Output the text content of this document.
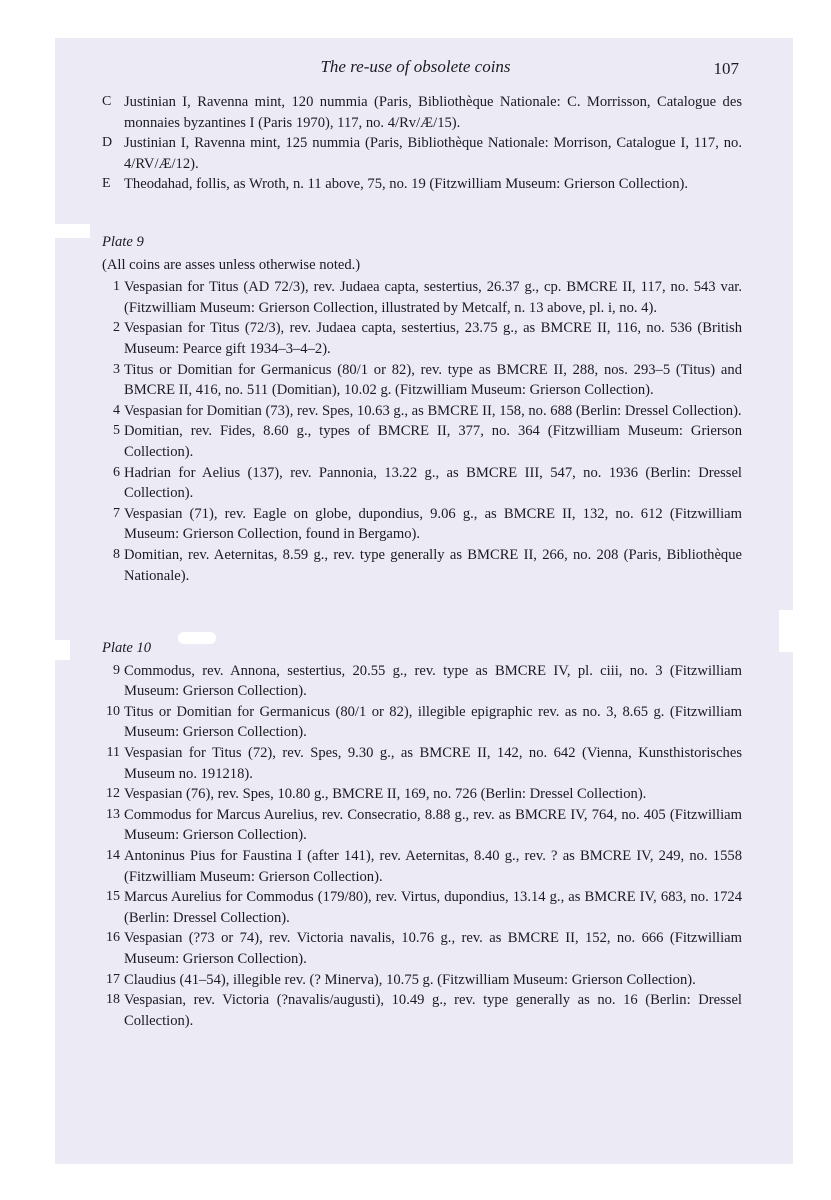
The re-use of obsolete coins	107
C Justinian I, Ravenna mint, 120 nummia (Paris, Bibliothèque Nationale: C. Morrisson, Catalogue des monnaies byzantines I (Paris 1970), 117, no. 4/Rv/Æ/15).
D Justinian I, Ravenna mint, 125 nummia (Paris, Bibliothèque Nationale: Morrison, Catalogue I, 117, no. 4/RV/Æ/12).
E Theodahad, follis, as Wroth, n. 11 above, 75, no. 19 (Fitzwilliam Museum: Grierson Collection).
Plate 9
(All coins are asses unless otherwise noted.)
1 Vespasian for Titus (AD 72/3), rev. Judaea capta, sestertius, 26.37 g., cp. BMCRE II, 117, no. 543 var. (Fitzwilliam Museum: Grierson Collection, illustrated by Metcalf, n. 13 above, pl. i, no. 4).
2 Vespasian for Titus (72/3), rev. Judaea capta, sestertius, 23.75 g., as BMCRE II, 116, no. 536 (British Museum: Pearce gift 1934–3–4–2).
3 Titus or Domitian for Germanicus (80/1 or 82), rev. type as BMCRE II, 288, nos. 293–5 (Titus) and BMCRE II, 416, no. 511 (Domitian), 10.02 g. (Fitzwilliam Museum: Grierson Collection).
4 Vespasian for Domitian (73), rev. Spes, 10.63 g., as BMCRE II, 158, no. 688 (Berlin: Dressel Collection).
5 Domitian, rev. Fides, 8.60 g., types of BMCRE II, 377, no. 364 (Fitzwilliam Museum: Grierson Collection).
6 Hadrian for Aelius (137), rev. Pannonia, 13.22 g., as BMCRE III, 547, no. 1936 (Berlin: Dressel Collection).
7 Vespasian (71), rev. Eagle on globe, dupondius, 9.06 g., as BMCRE II, 132, no. 612 (Fitzwilliam Museum: Grierson Collection, found in Bergamo).
8 Domitian, rev. Aeternitas, 8.59 g., rev. type generally as BMCRE II, 266, no. 208 (Paris, Bibliothèque Nationale).
Plate 10
9 Commodus, rev. Annona, sestertius, 20.55 g., rev. type as BMCRE IV, pl. ciii, no. 3 (Fitzwilliam Museum: Grierson Collection).
10 Titus or Domitian for Germanicus (80/1 or 82), illegible epigraphic rev. as no. 3, 8.65 g. (Fitzwilliam Museum: Grierson Collection).
11 Vespasian for Titus (72), rev. Spes, 9.30 g., as BMCRE II, 142, no. 642 (Vienna, Kunsthistorisches Museum no. 191218).
12 Vespasian (76), rev. Spes, 10.80 g., BMCRE II, 169, no. 726 (Berlin: Dressel Collection).
13 Commodus for Marcus Aurelius, rev. Consecratio, 8.88 g., rev. as BMCRE IV, 764, no. 405 (Fitzwilliam Museum: Grierson Collection).
14 Antoninus Pius for Faustina I (after 141), rev. Aeternitas, 8.40 g., rev. ? as BMCRE IV, 249, no. 1558 (Fitzwilliam Museum: Grierson Collection).
15 Marcus Aurelius for Commodus (179/80), rev. Virtus, dupondius, 13.14 g., as BMCRE IV, 683, no. 1724 (Berlin: Dressel Collection).
16 Vespasian (?73 or 74), rev. Victoria navalis, 10.76 g., rev. as BMCRE II, 152, no. 666 (Fitzwilliam Museum: Grierson Collection).
17 Claudius (41–54), illegible rev. (? Minerva), 10.75 g. (Fitzwilliam Museum: Grierson Collection).
18 Vespasian, rev. Victoria (?navalis/augusti), 10.49 g., rev. type generally as no. 16 (Berlin: Dressel Collection).
